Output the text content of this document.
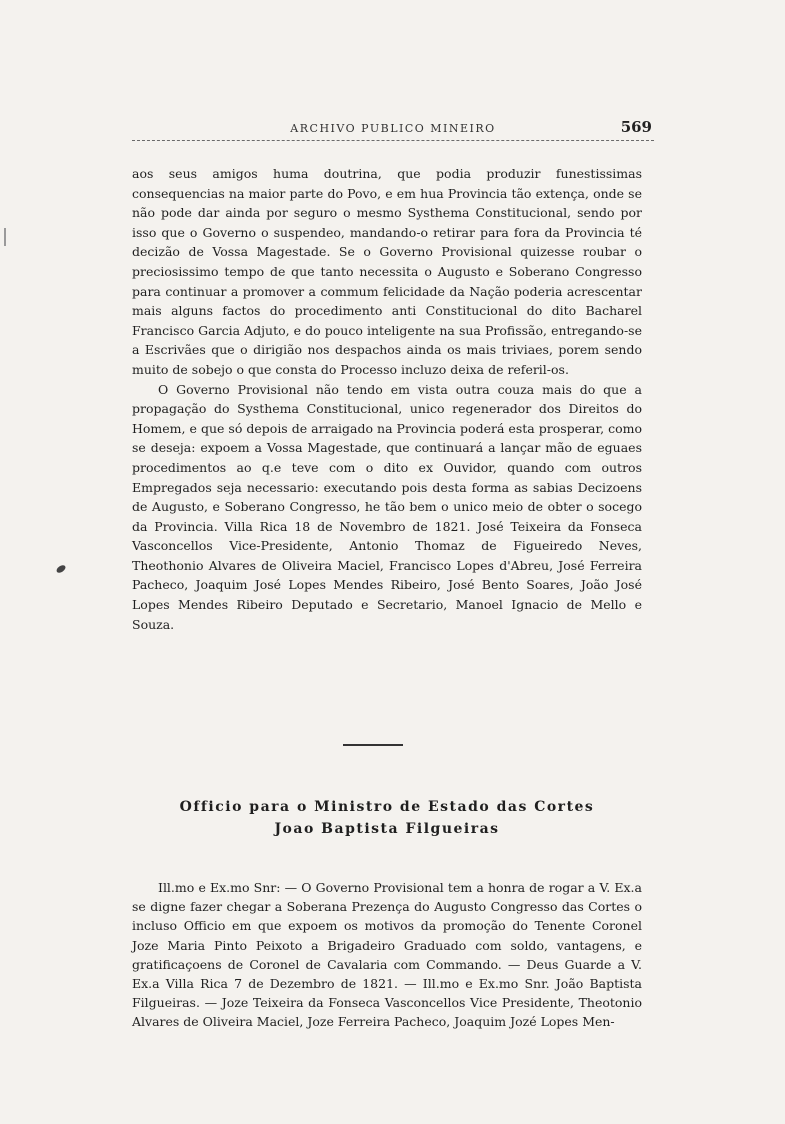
ARCHIVO PUBLICO MINEIRO	569

aos seus amigos huma doutrina, que podia produzir funestissimas consequencias na maior parte do Povo, e em hua Provincia tão extença, onde se não pode dar ainda por seguro o mesmo Systhema Constitucional, sendo por isso que o Governo o suspendeo, mandando-o retirar para fora da Provincia té decizão de Vossa Magestade. Se o Governo Provisional quizesse roubar o preciosissimo tempo de que tanto necessita o Augusto e Soberano Congresso para continuar a promover a commum felicidade da Nação poderia acrescentar mais alguns factos do procedimento anti Constitucional do dito Bacharel Francisco Garcia Adjuto, e do pouco inteligente na sua Profissão, entregando-se a Escrivães que o dirigião nos despachos ainda os mais triviaes, porem sendo muito de sobejo o que consta do Processo incluzo deixa de referil-os.

O Governo Provisional não tendo em vista outra couza mais do que a propagação do Systhema Constitucional, unico regenerador dos Direitos do Homem, e que só depois de arraigado na Provincia poderá esta prosperar, como se deseja: expoem a Vossa Magestade, que continuará a lançar mão de eguaes procedimentos ao q.e teve com o dito ex Ouvidor, quando com outros Empregados seja necessario: executando pois desta forma as sabias Decizoens de Augusto, e Soberano Congresso, he tão bem o unico meio de obter o socego da Provincia. Villa Rica 18 de Novembro de 1821. José Teixeira da Fonseca Vasconcellos Vice-Presidente, Antonio Thomaz de Figueiredo Neves, Theothonio Alvares de Oliveira Maciel, Francisco Lopes d'Abreu, José Ferreira Pacheco, Joaquim José Lopes Mendes Ribeiro, José Bento Soares, João José Lopes Mendes Ribeiro Deputado e Secretario, Manoel Ignacio de Mello e Souza.

Officio para o Ministro de Estado das Cortes
Joao Baptista Filgueiras

Ill.mo e Ex.mo Snr: — O Governo Provisional tem a honra de rogar a V. Ex.a se digne fazer chegar a Soberana Prezença do Augusto Congresso das Cortes o incluso Officio em que expoem os motivos da promoção do Tenente Coronel Joze Maria Pinto Peixoto a Brigadeiro Graduado com soldo, vantagens, e gratificaçoens de Coronel de Cavalaria com Commando. — Deus Guarde a V. Ex.a Villa Rica 7 de Dezembro de 1821. — Ill.mo e Ex.mo Snr. João Baptista Filgueiras. — Joze Teixeira da Fonseca Vasconcellos Vice Presidente, Theotonio Alvares de Oliveira Maciel, Joze Ferreira Pacheco, Joaquim Jozé Lopes Men-
